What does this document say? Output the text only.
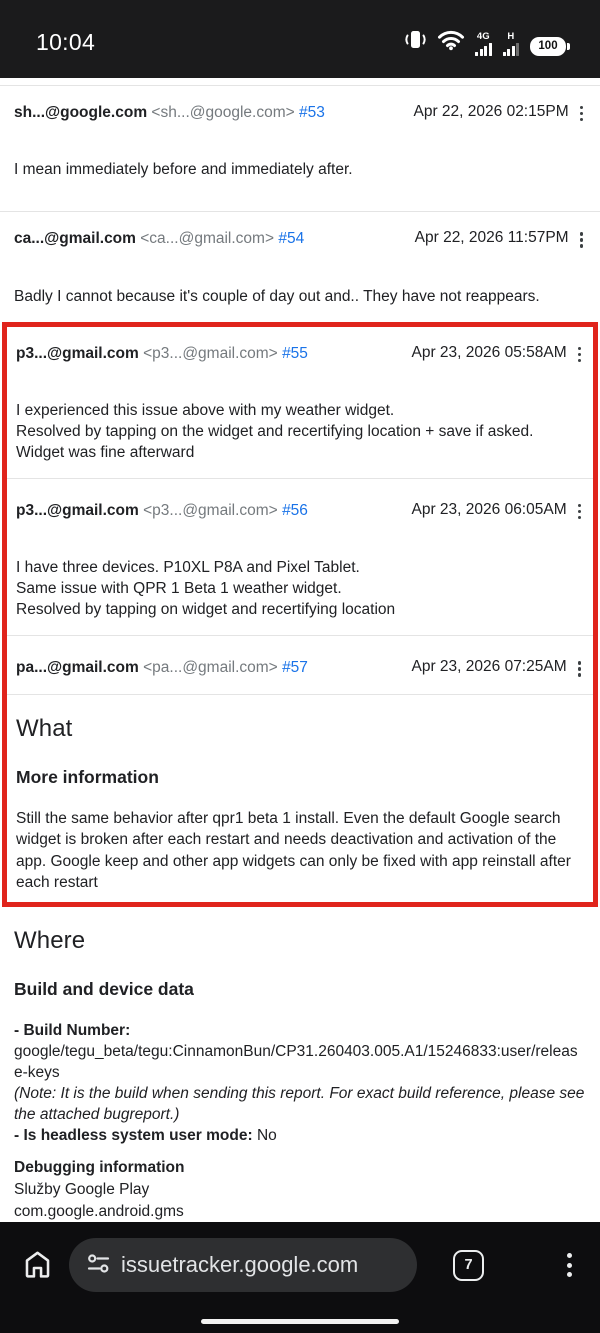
10:04	4G H
100
sh...@google.com <sh...@google.com> #53	Apr 22, 2026 02:15PM
I mean immediately before and immediately after.
ca...@gmail.com <ca...@gmail.com> #54	Apr 22, 2026 11:57PM
Badly I cannot because it's couple of day out and.. They have not reappears.
p3...@gmail.com <p3...@gmail.com> #55	Apr 23, 2026 05:58AM
I experienced this issue above with my weather widget.
Resolved by tapping on the widget and recertifying location + save if asked.
Widget was fine afterward
p3...@gmail.com <p3...@gmail.com> #56	Apr 23, 2026 06:05AM
I have three devices. P10XL P8A and Pixel Tablet.
Same issue with QPR 1 Beta 1 weather widget.
Resolved by tapping on widget and recertifying location
pa...@gmail.com <pa...@gmail.com> #57	Apr 23, 2026 07:25AM
What
More information

Still the same behavior after qpr1 beta 1 install. Even the default Google search widget is broken after each restart and needs deactivation and activation of the app. Google keep and other app widgets can only be fixed with app reinstall after each restart

Where
Build and device data
- Build Number:
google/tegu_beta/tegu:CinnamonBun/CP31.260403.005.A1/15246833:user/release-keys
(Note: It is the build when sending this report. For exact build reference, please see the attached bugreport.)
- Is headless system user mode: No
Debugging information
Služby Google Play
com.google.android.gms
issuetracker.google.com	7
